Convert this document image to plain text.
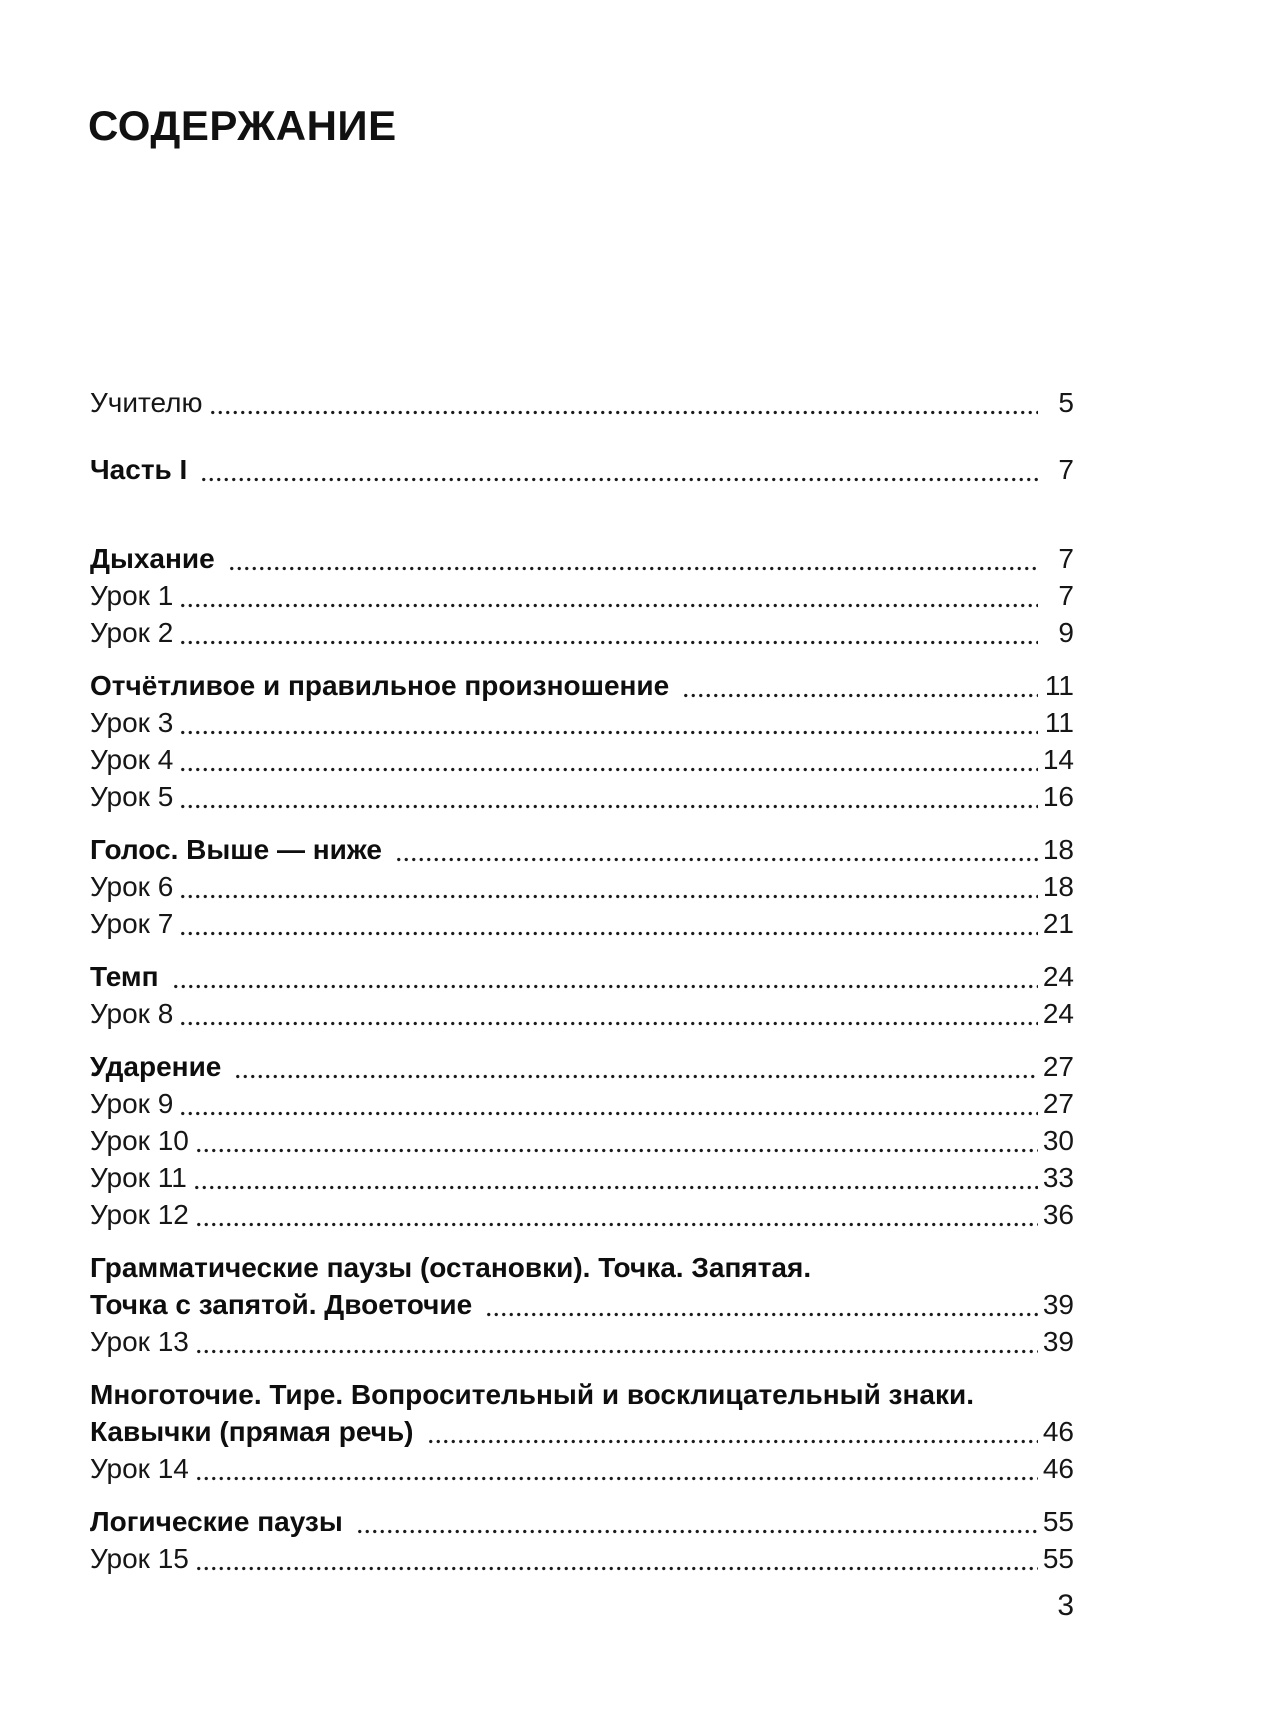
СОДЕРЖАНИЕ
Учителю	5
Часть I	7
Дыхание	7
Урок 1	7
Урок 2	9
Отчётливое и правильное произношение	11
Урок 3	11
Урок 4	14
Урок 5	16
Голос. Выше — ниже	18
Урок 6	18
Урок 7	21
Темп	24
Урок 8	24
Ударение	27
Урок 9	27
Урок 10	30
Урок 11	33
Урок 12	36
Грамматические паузы (остановки). Точка. Запятая.
Точка с запятой. Двоеточие	39
Урок 13	39
Многоточие. Тире. Вопросительный и восклицательный знаки.
Кавычки (прямая речь)	46
Урок 14	46
Логические паузы	55
Урок 15	55
3
